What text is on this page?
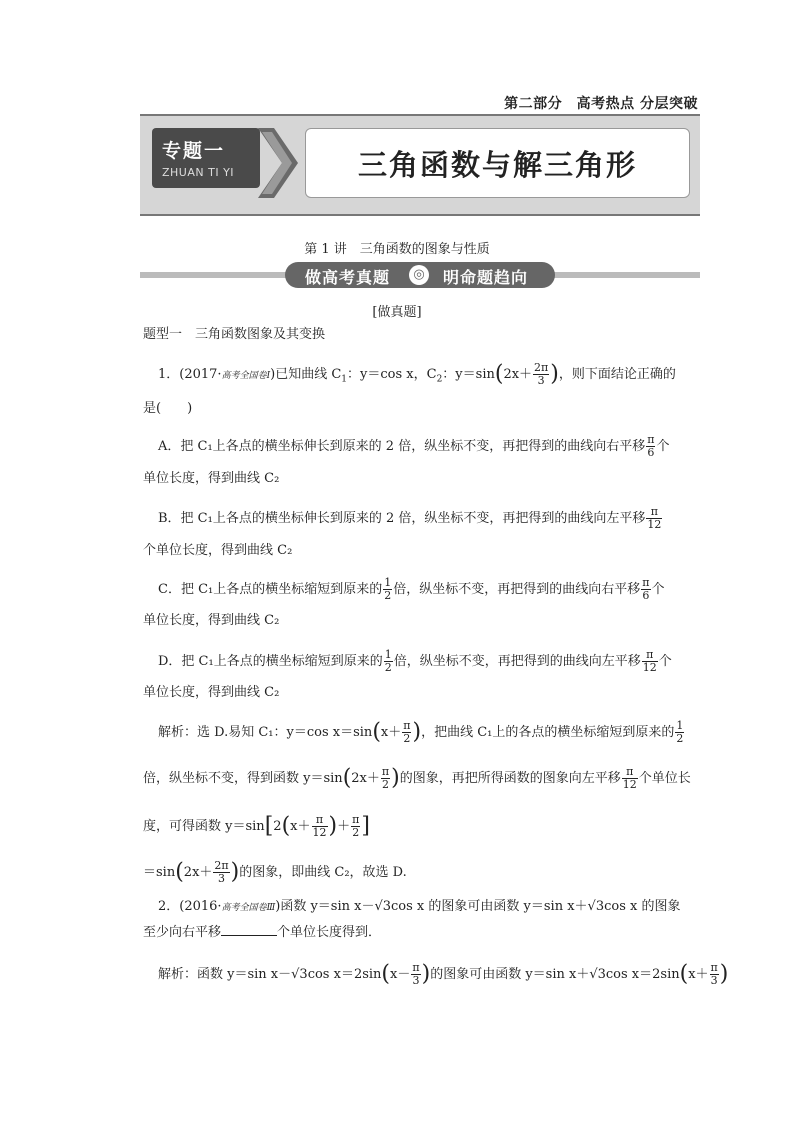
第二部分　高考热点 分层突破
专题一
ZHUAN TI YI	三角函数与解三角形
第 1 讲　三角函数的图象与性质
做高考真题	◎ 明命题趋向
[做真题]
题型一　三角函数图象及其变换
1．(2017·高考全国卷Ⅰ)已知曲线 $C_1$：y＝cos x，$C_2$：$y=\sin(2x+ \frac{2\pi}{3}$ )，则下面结论正确的
是(　　)
A．把 C₁上各点的横坐标伸长到原来的 2 倍，纵坐标不变，再把得到的曲线向右平移 $\frac{\pi}{6}$ 个
单位长度，得到曲线 C₂
B．把 C₁上各点的横坐标伸长到原来的 2 倍，纵坐标不变，再把得到的曲线向左平移 $\frac{\pi}{12}$
个单位长度，得到曲线 C₂
C．把 C₁上各点的横坐标缩短到原来的 $\frac{1}{2}$ 倍，纵坐标不变，再把得到的曲线向右平移 $\frac{\pi}{6}$ 个
单位长度，得到曲线 C₂
D．把 C₁上各点的横坐标缩短到原来的 $\frac{1}{2}$ 倍，纵坐标不变，再把得到的曲线向左平移 $\frac{\pi}{12}$ 个
单位长度，得到曲线 C₂
解析：选 D.易知 C₁：y＝cos $x=\sin(x+ \frac{\pi}{2}$ )，把曲线 C₁上的各点的横坐标缩短到原来的 $\frac{1}{2}$
倍，纵坐标不变，得到函数 $y=\sin(2x+ \frac{\pi}{2}$ )的图象，再把所得函数的图象向左平移 $\frac{\pi}{12}$ 个单位长
度，可得函数 $y=\sin[2(x+ \frac{\pi}{12}$ )＋ $\frac{\pi}{2}$ ]
$=\sin(2x+ \frac{2\pi}{3}$ )的图象，即曲线 C₂，故选 D.
2．(2016·高考全国卷Ⅲ)函数 y＝sin x－√3cos x 的图象可由函数 y＝sin x＋√3cos x 的图象
至少向右平移	个单位长度得到．
解析：函数 y＝sin x－√3cos $x=2\sin(x- \frac{\pi}{3}$ )的图象可由函数 y＝sin x＋√3cos $x=2\sin(x+ \frac{\pi}{3}$ )
